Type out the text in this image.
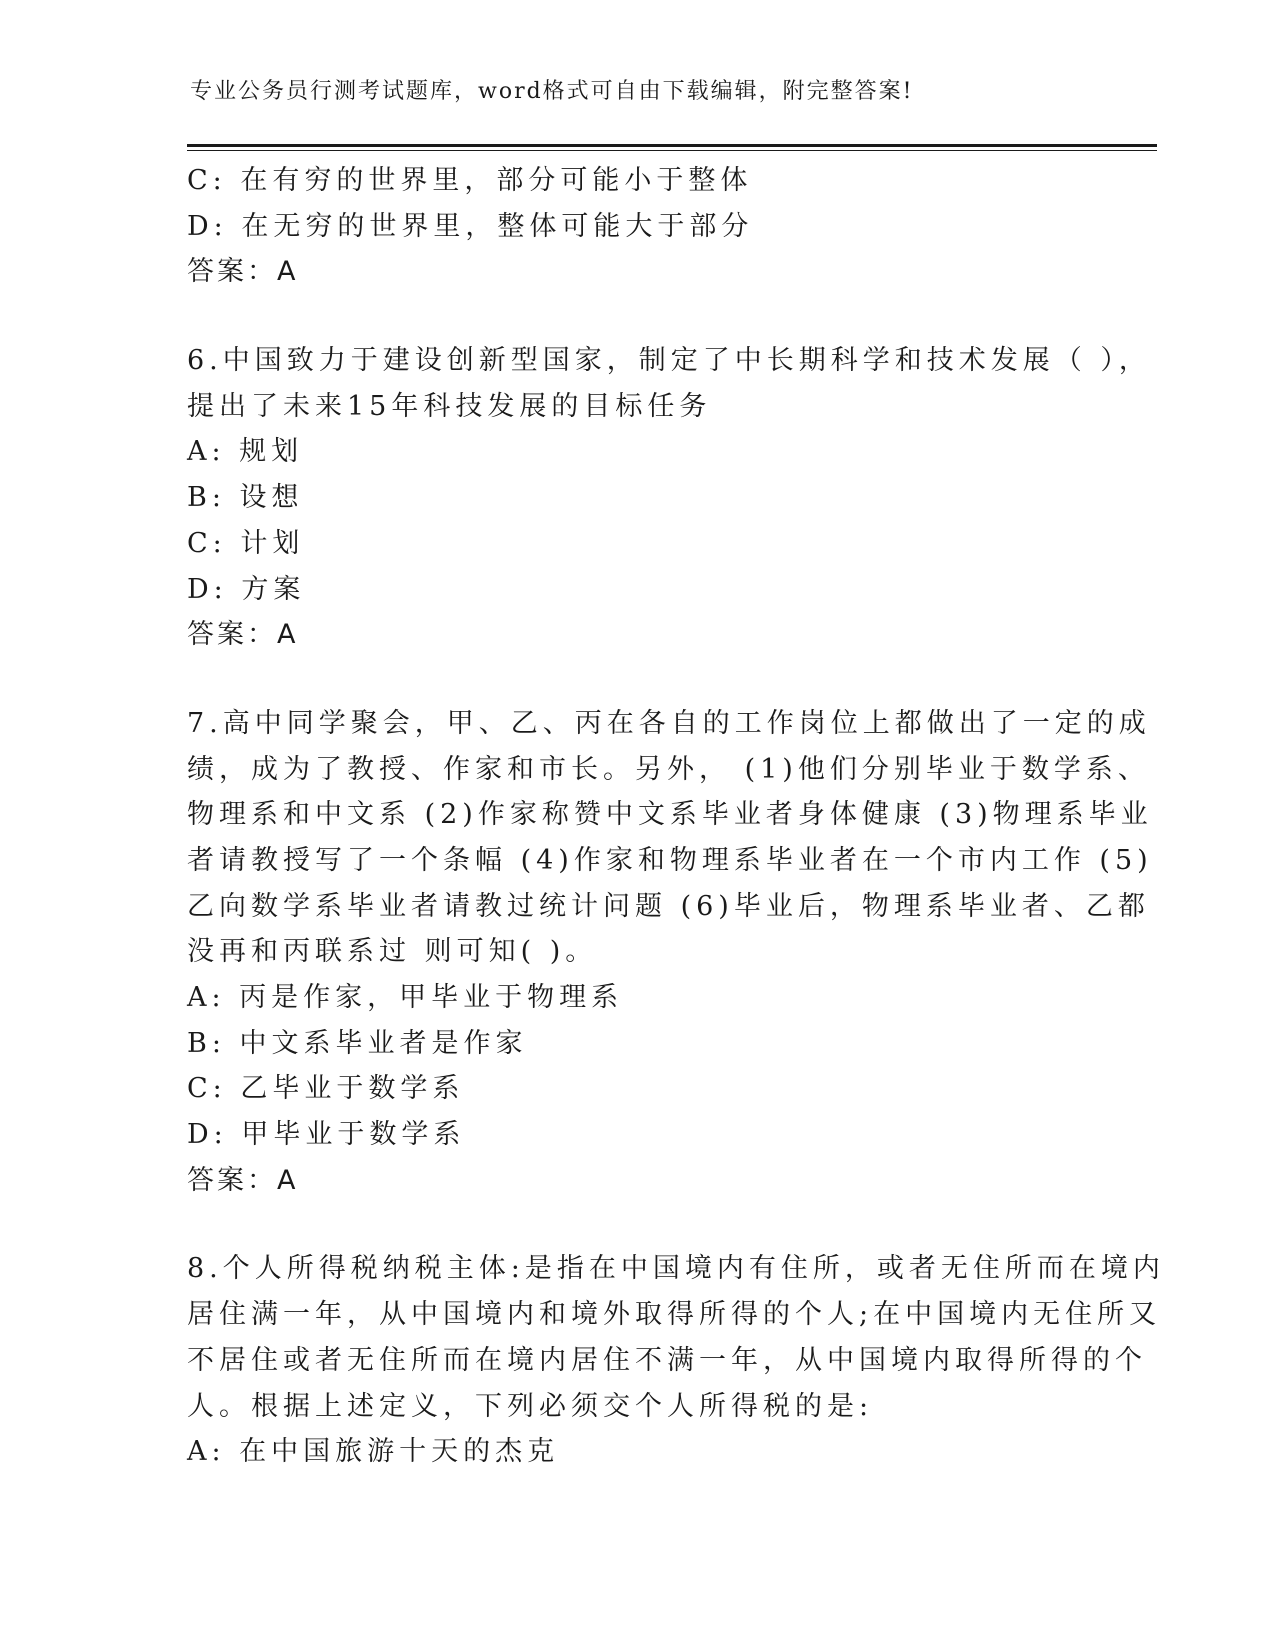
专业公务员行测考试题库，word格式可自由下载编辑，附完整答案!
C: 在有穷的世界里，部分可能小于整体
D: 在无穷的世界里，整体可能大于部分
答案：A
6.中国致力于建设创新型国家，制定了中长期科学和技术发展（ ），
提出了未来15年科技发展的目标任务
A: 规划
B: 设想
C: 计划
D: 方案
答案：A
7.高中同学聚会，甲、乙、丙在各自的工作岗位上都做出了一定的成
绩，成为了教授、作家和市长。另外， (1)他们分别毕业于数学系、
物理系和中文系 (2)作家称赞中文系毕业者身体健康 (3)物理系毕业
者请教授写了一个条幅 (4)作家和物理系毕业者在一个市内工作 (5)
乙向数学系毕业者请教过统计问题 (6)毕业后，物理系毕业者、乙都
没再和丙联系过 则可知( )。
A: 丙是作家，甲毕业于物理系
B: 中文系毕业者是作家
C: 乙毕业于数学系
D: 甲毕业于数学系
答案：A
8.个人所得税纳税主体:是指在中国境内有住所，或者无住所而在境内
居住满一年，从中国境内和境外取得所得的个人;在中国境内无住所又
不居住或者无住所而在境内居住不满一年，从中国境内取得所得的个
人。根据上述定义，下列必须交个人所得税的是:
A: 在中国旅游十天的杰克
